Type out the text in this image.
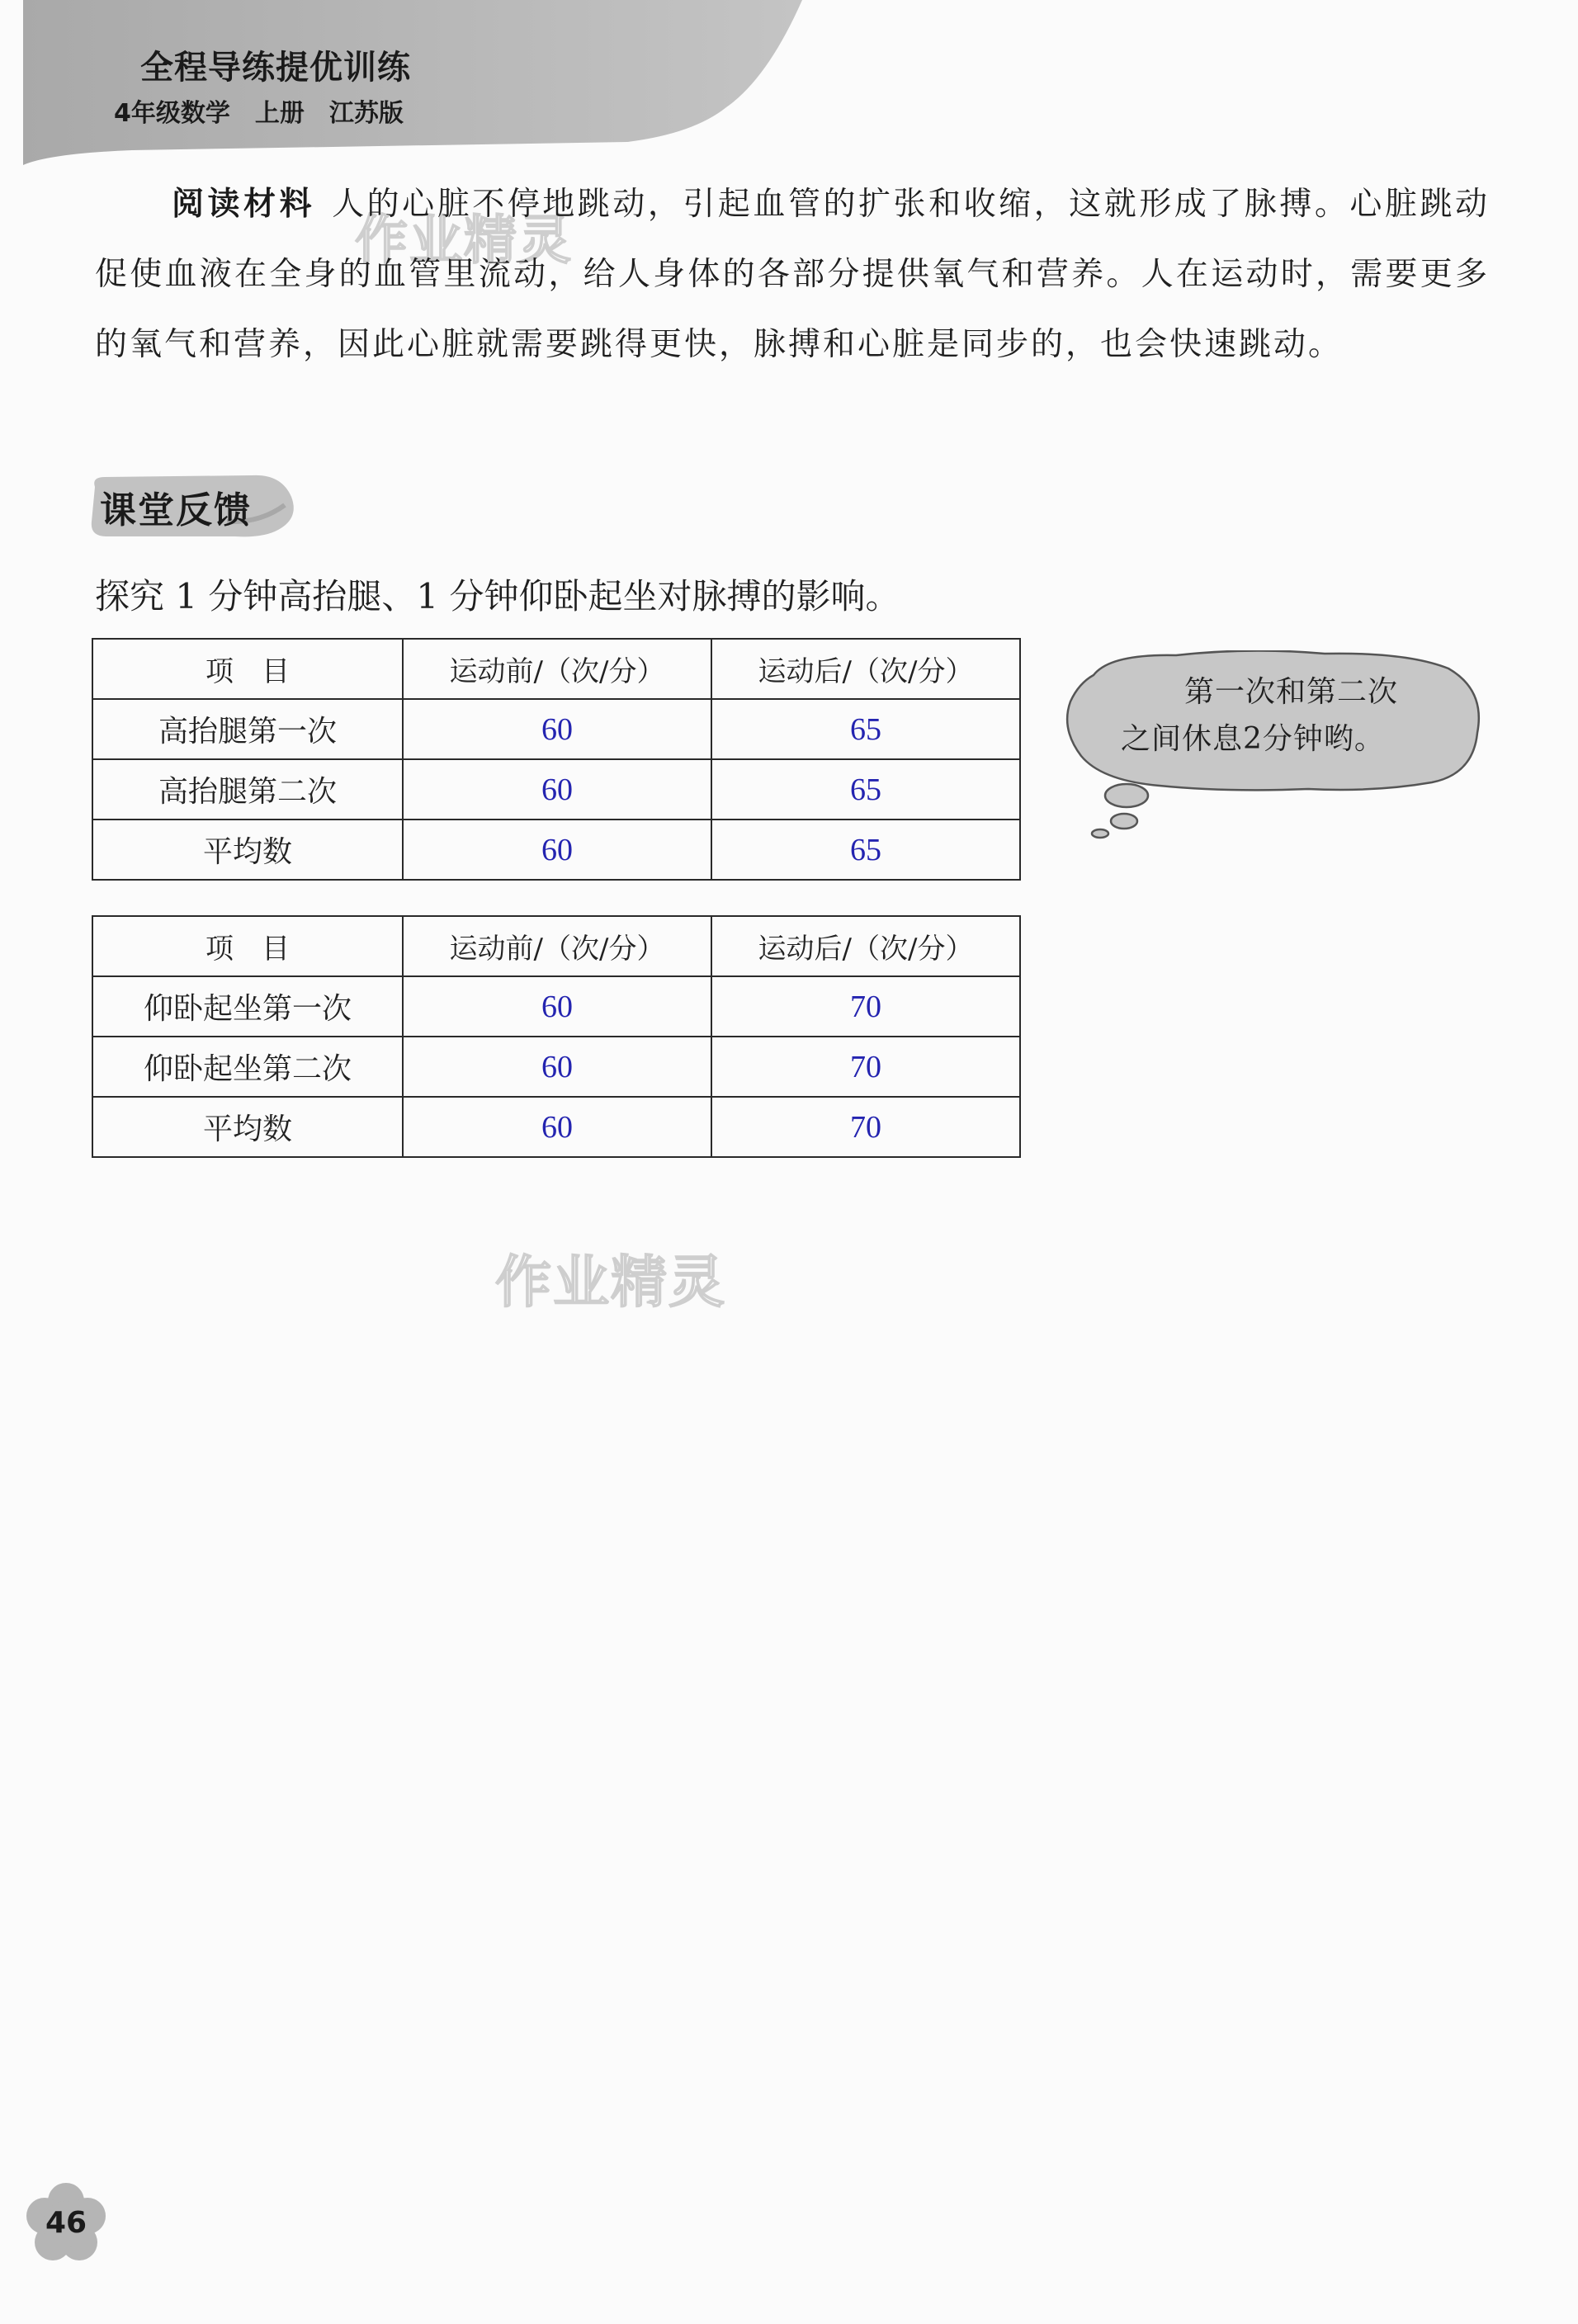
全程导练提优训练
4年级数学　上册　江苏版
作业精灵
作业精灵
阅读材料 人的心脏不停地跳动，引起血管的扩张和收缩，这就形成了脉搏。心脏跳动促使血液在全身的血管里流动，给人身体的各部分提供氧气和营养。人在运动时，需要更多的氧气和营养，因此心脏就需要跳得更快，脉搏和心脏是同步的，也会快速跳动。
课堂反馈
探究 1 分钟高抬腿、1 分钟仰卧起坐对脉搏的影响。
项　目	运动前/（次/分）	运动后/（次/分）
高抬腿第一次	60	65
高抬腿第二次	60	65
平均数	60	65
项　目	运动前/（次/分）	运动后/（次/分）
仰卧起坐第一次	60	70
仰卧起坐第二次	60	70
平均数	60	70
第一次和第二次
之间休息2分钟哟。
46
